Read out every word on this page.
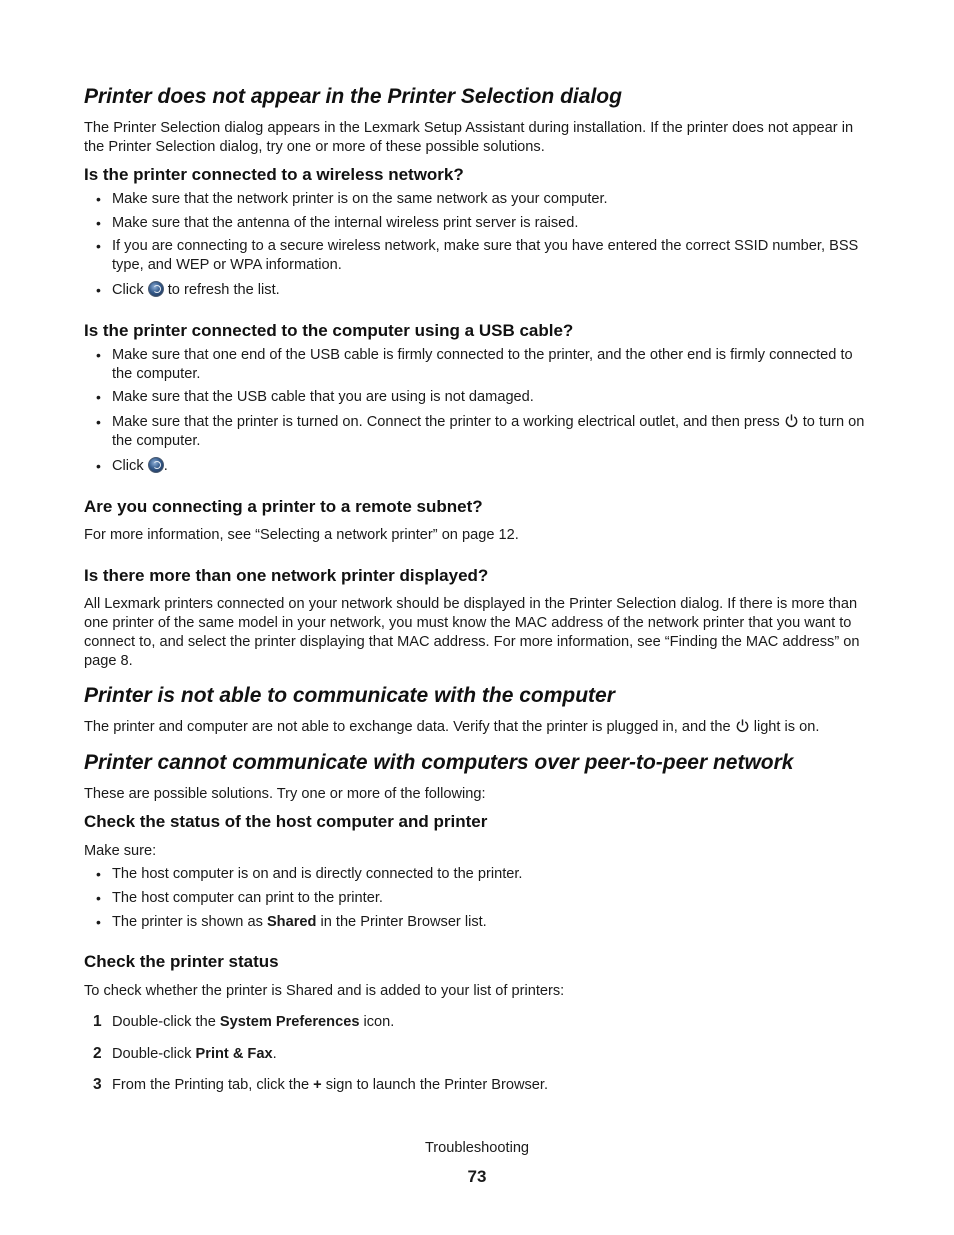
Printer does not appear in the Printer Selection dialog

The Printer Selection dialog appears in the Lexmark Setup Assistant during installation. If the printer does not appear in the Printer Selection dialog, try one or more of these possible solutions.

Is the printer connected to a wireless network?

• Make sure that the network printer is on the same network as your computer.

• Make sure that the antenna of the internal wireless print server is raised.

• If you are connecting to a secure wireless network, make sure that you have entered the correct SSID number, BSS type, and WEP or WPA information.

• Click  to refresh the list.

Is the printer connected to the computer using a USB cable?

• Make sure that one end of the USB cable is firmly connected to the printer, and the other end is firmly connected to the computer.

• Make sure that the USB cable that you are using is not damaged.

• Make sure that the printer is turned on. Connect the printer to a working electrical outlet, and then press  to turn on the computer.

• Click .

Are you connecting a printer to a remote subnet?

For more information, see “Selecting a network printer” on page 12.

Is there more than one network printer displayed?

All Lexmark printers connected on your network should be displayed in the Printer Selection dialog. If there is more than one printer of the same model in your network, you must know the MAC address of the network printer that you want to connect to, and select the printer displaying that MAC address. For more information, see “Finding the MAC address” on page 8.

Printer is not able to communicate with the computer

The printer and computer are not able to exchange data. Verify that the printer is plugged in, and the  light is on.

Printer cannot communicate with computers over peer-to-peer network

These are possible solutions. Try one or more of the following:

Check the status of the host computer and printer

Make sure:

• The host computer is on and is directly connected to the printer.

• The host computer can print to the printer.

• The printer is shown as Shared in the Printer Browser list.

Check the printer status

To check whether the printer is Shared and is added to your list of printers:

1 Double-click the System Preferences icon.
2 Double-click Print & Fax.
3 From the Printing tab, click the + sign to launch the Printer Browser.
Troubleshooting
73
